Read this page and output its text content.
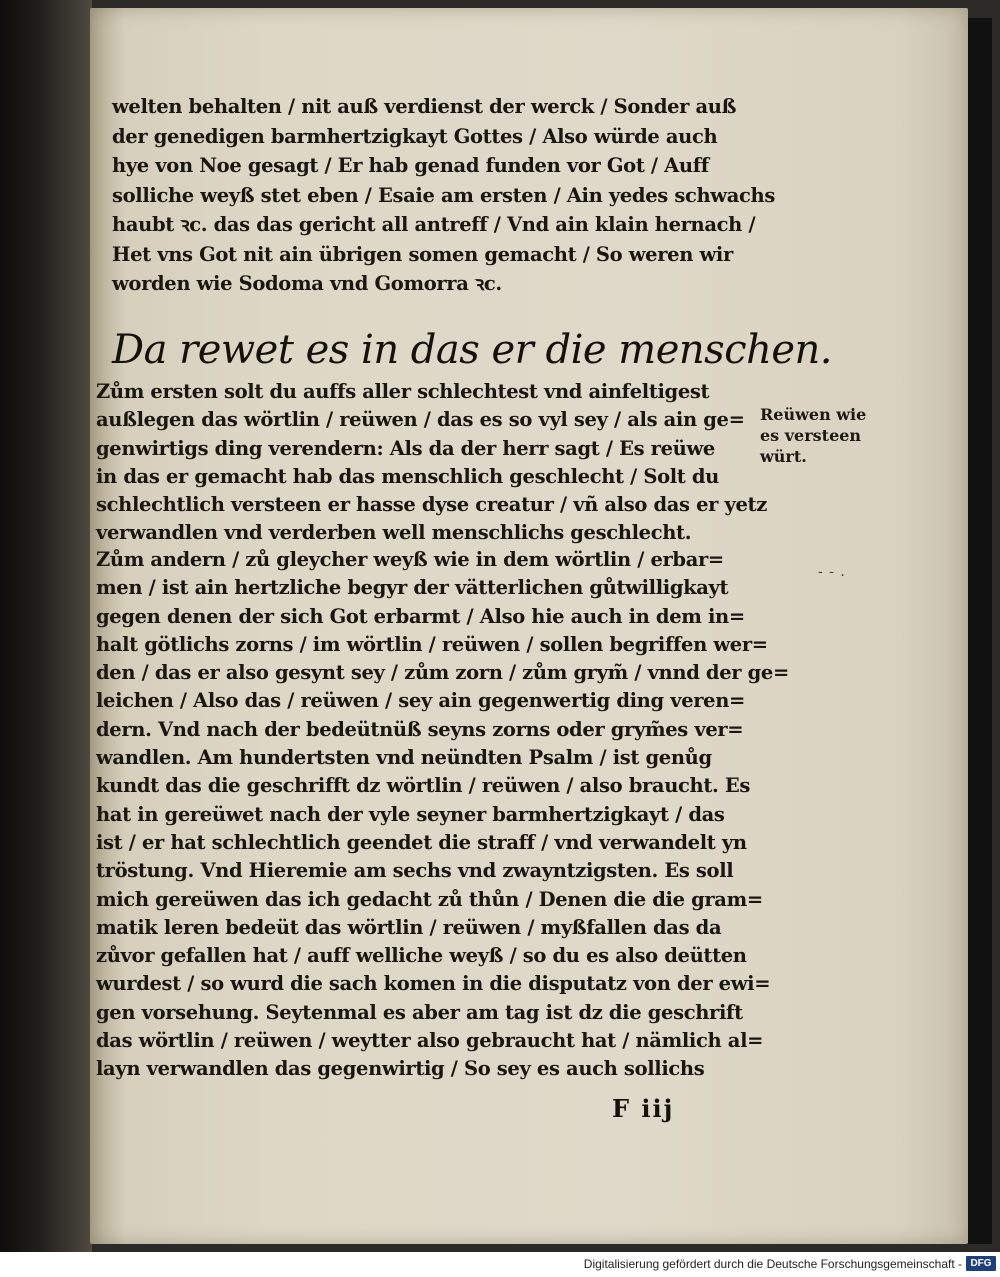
welten behalten / nit auß verdienst der werck / Sonder auß
der genedigen barmhertzigkayt Gottes / Also würde auch
hye von Noe gesagt / Er hab genad funden vor Got / Auff
solliche weyß stet eben / Esaie am ersten / Ain yedes schwachs
haubt ꝛc. das das gericht all antreff / Vnd ain klain hernach /
Het vns Got nit ain übrigen somen gemacht / So weren wir
worden wie Sodoma vnd Gomorra ꝛc.
Da rewet es in das er die menschen.
Zům ersten solt du auffs aller schlechtest vnd ainfeltigest
außlegen das wörtlin / reüwen / das es so vyl sey / als ain ge=
genwirtigs ding verendern: Als da der herr sagt / Es reüwe
in das er gemacht hab das menschlich geschlecht / Solt du
schlechtlich versteen er hasse dyse creatur / vñ also das er yetz
verwandlen vnd verderben well menschlichs geschlecht.
Zům andern / zů gleycher weyß wie in dem wörtlin / erbar=
men / ist ain hertzliche begyr der vätterlichen gůtwilligkayt
gegen denen der sich Got erbarmt / Also hie auch in dem in=
halt götlichs zorns / im wörtlin / reüwen / sollen begriffen wer=
den / das er also gesynt sey / zům zorn / zům grym̃ / vnnd der ge=
leichen / Also das / reüwen / sey ain gegenwertig ding veren=
dern. Vnd nach der bedeütnüß seyns zorns oder grym̃es ver=
wandlen. Am hundertsten vnd neündten Psalm / ist genůg
kundt das die geschrifft dz wörtlin / reüwen / also braucht. Es
hat in gereüwet nach der vyle seyner barmhertzigkayt / das
ist / er hat schlechtlich geendet die straff / vnd verwandelt yn
tröstung. Vnd Hieremie am sechs vnd zwayntzigsten. Es soll
mich gereüwen das ich gedacht zů thůn / Denen die die gram=
matik leren bedeüt das wörtlin / reüwen / myßfallen das da
zůvor gefallen hat / auff welliche weyß / so du es also deütten
wurdest / so wurd die sach komen in die disputatz von der ewi=
gen vorsehung. Seytenmal es aber am tag ist dz die geschrift
das wörtlin / reüwen / weytter also gebraucht hat / nämlich al=
layn verwandlen das gegenwirtig / So sey es auch sollichs
F iij
Reüwen wie
es versteen
würt.
- - .
Digitalisierung gefördert durch die Deutsche Forschungsgemeinschaft - DFG
